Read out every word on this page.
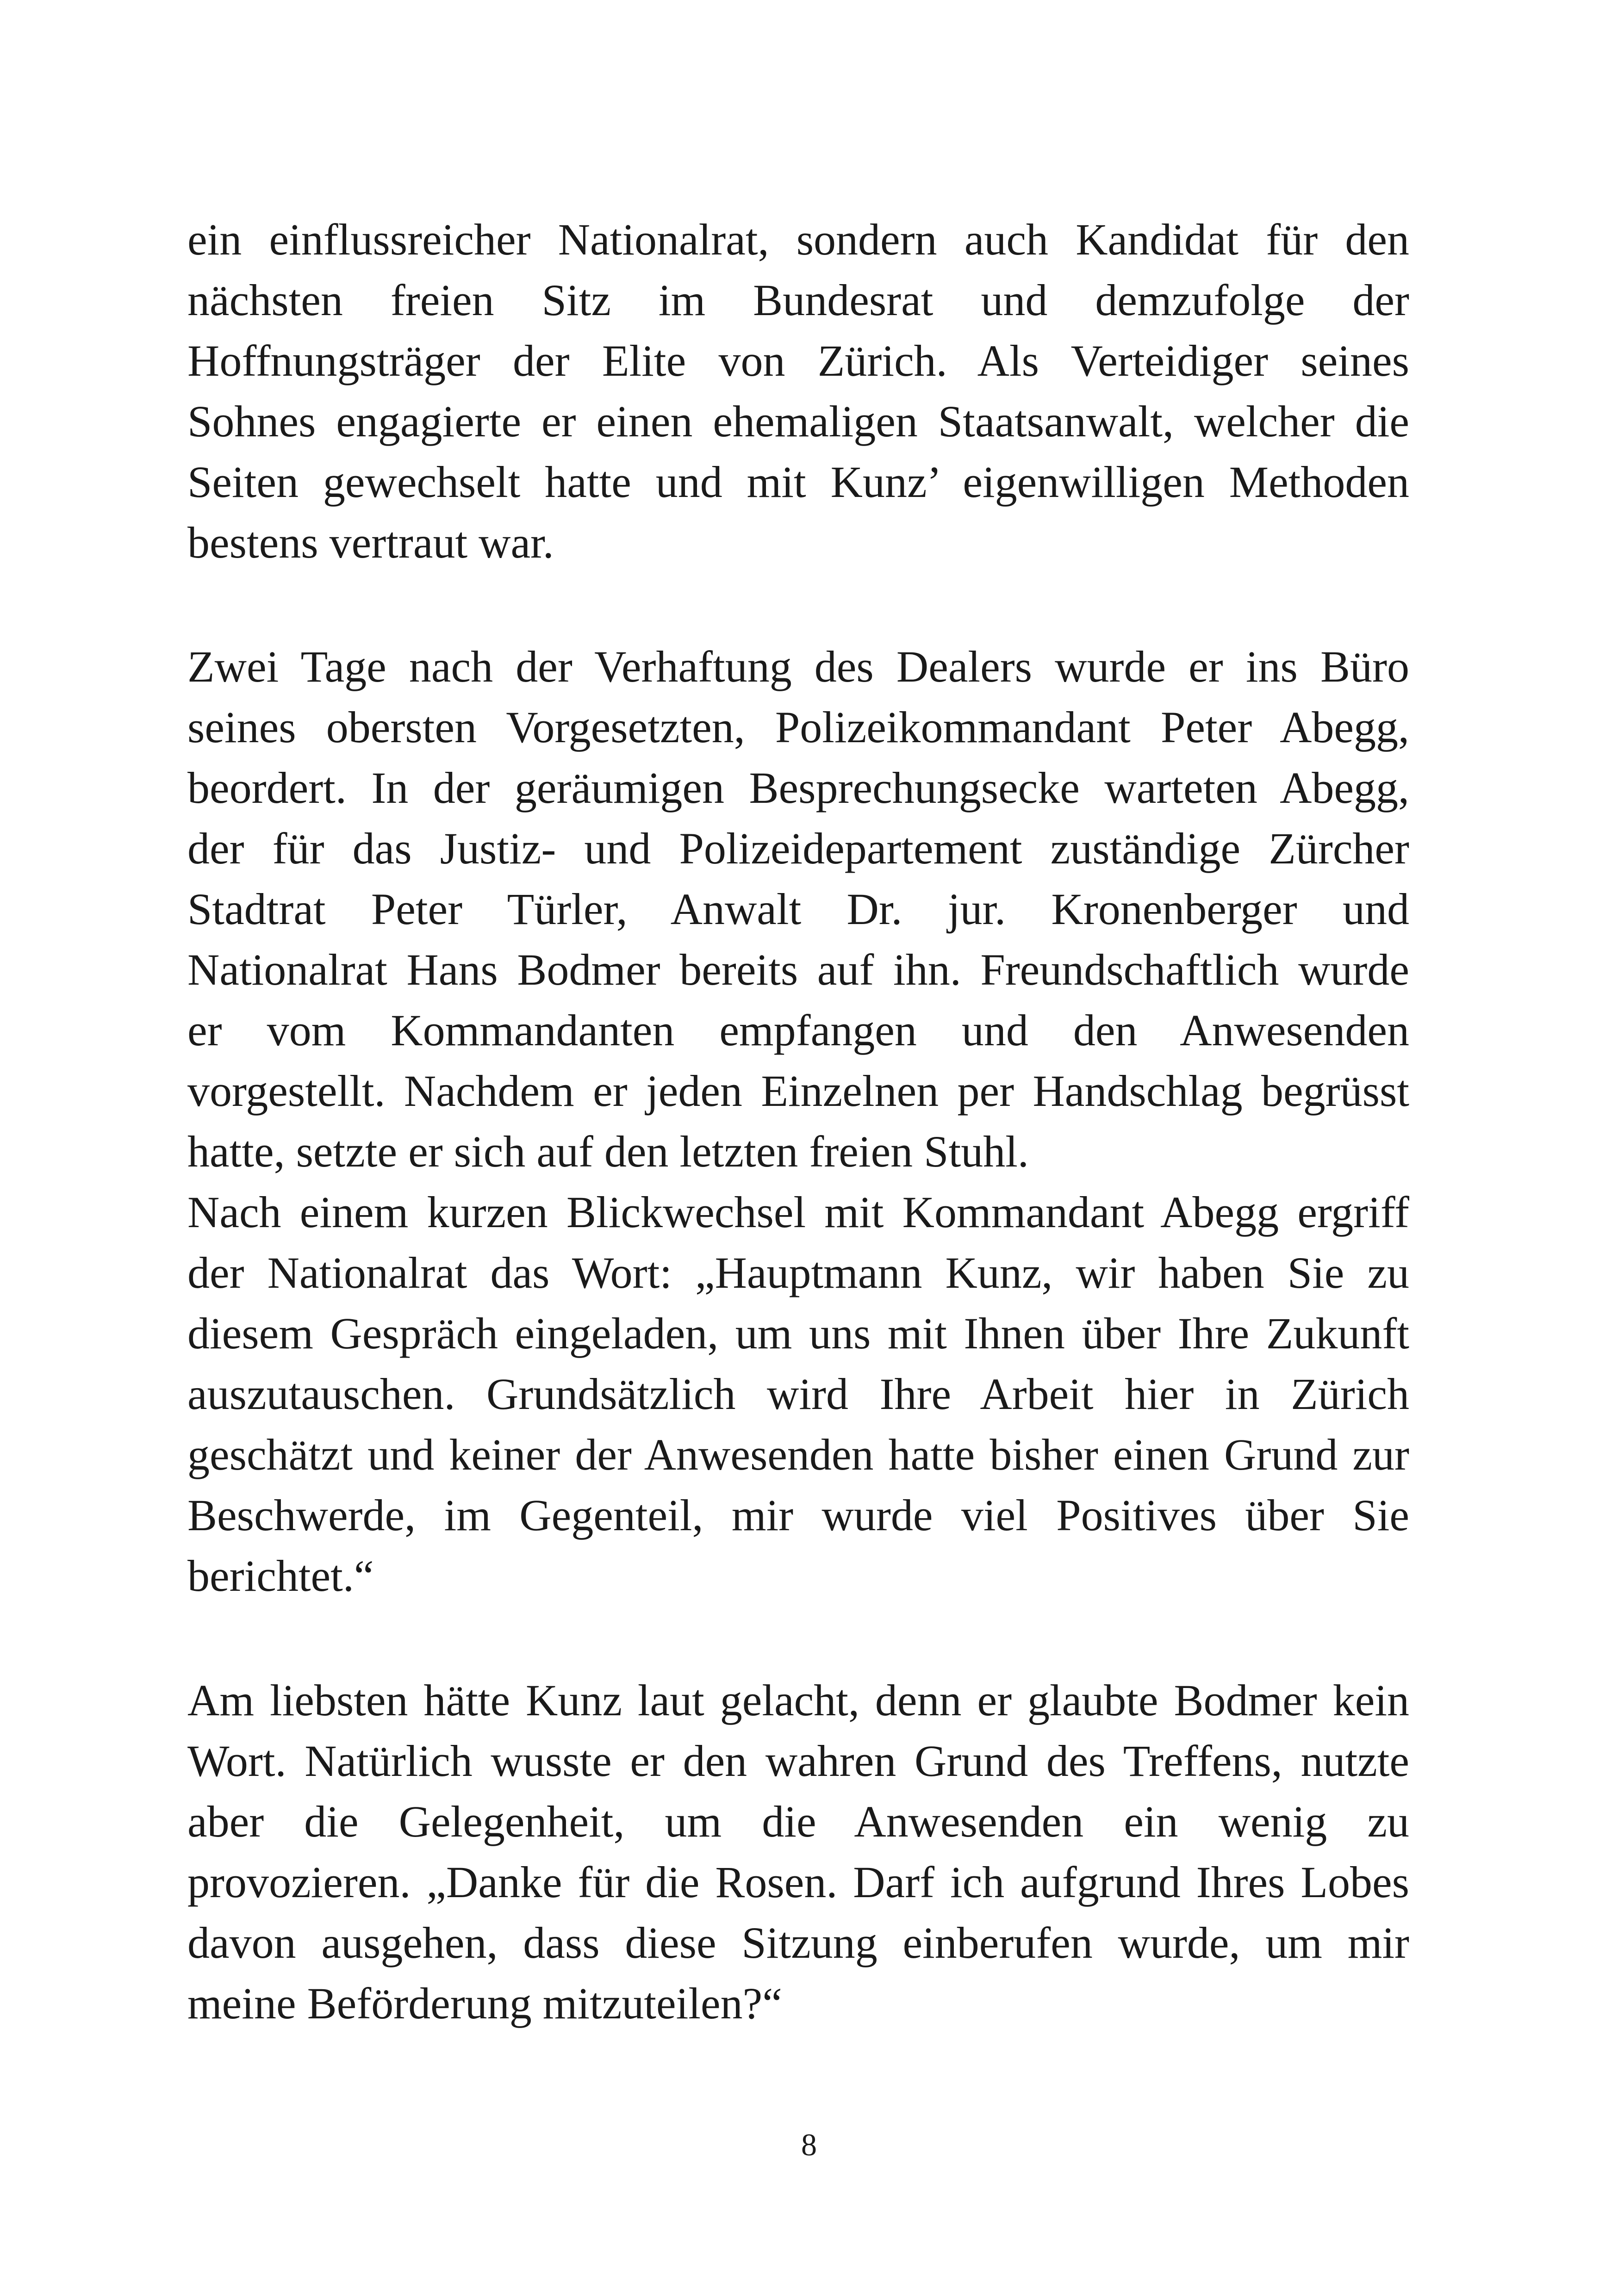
ein einflussreicher Nationalrat, sondern auch Kandidat für den
nächsten freien Sitz im Bundesrat und demzufolge der
Hoffnungsträger der Elite von Zürich. Als Verteidiger seines
Sohnes engagierte er einen ehemaligen Staatsanwalt, welcher die
Seiten gewechselt hatte und mit Kunz’ eigenwilligen Methoden
bestens vertraut war.
Zwei Tage nach der Verhaftung des Dealers wurde er ins Büro
seines obersten Vorgesetzten, Polizeikommandant Peter Abegg,
beordert. In der geräumigen Besprechungsecke warteten Abegg,
der für das Justiz- und Polizeidepartement zuständige Zürcher
Stadtrat Peter Türler, Anwalt Dr. jur. Kronenberger und
Nationalrat Hans Bodmer bereits auf ihn. Freundschaftlich wurde
er vom Kommandanten empfangen und den Anwesenden
vorgestellt. Nachdem er jeden Einzelnen per Handschlag begrüsst
hatte, setzte er sich auf den letzten freien Stuhl.
Nach einem kurzen Blickwechsel mit Kommandant Abegg ergriff
der Nationalrat das Wort: „Hauptmann Kunz, wir haben Sie zu
diesem Gespräch eingeladen, um uns mit Ihnen über Ihre Zukunft
auszutauschen. Grundsätzlich wird Ihre Arbeit hier in Zürich
geschätzt und keiner der Anwesenden hatte bisher einen Grund zur
Beschwerde, im Gegenteil, mir wurde viel Positives über Sie
berichtet.“
Am liebsten hätte Kunz laut gelacht, denn er glaubte Bodmer kein
Wort. Natürlich wusste er den wahren Grund des Treffens, nutzte
aber die Gelegenheit, um die Anwesenden ein wenig zu
provozieren. „Danke für die Rosen. Darf ich aufgrund Ihres Lobes
davon ausgehen, dass diese Sitzung einberufen wurde, um mir
meine Beförderung mitzuteilen?“
8
